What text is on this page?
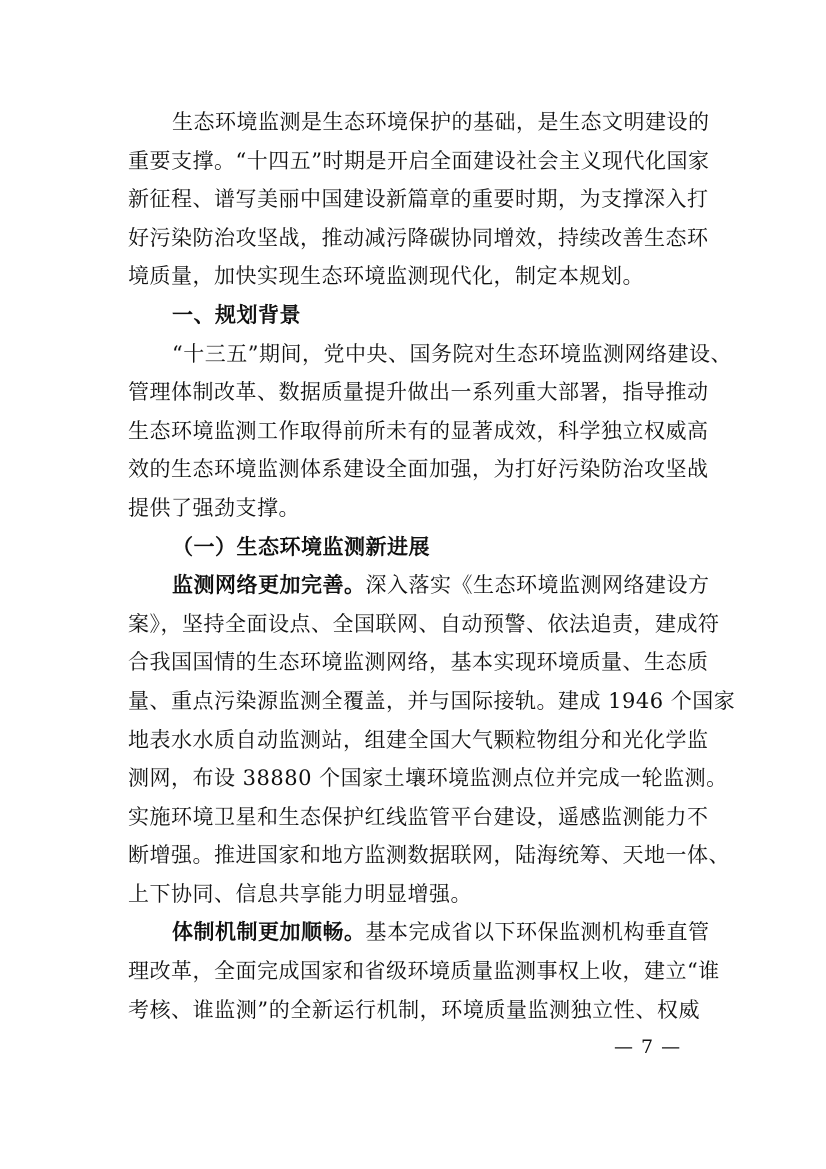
生态环境监测是生态环境保护的基础，是生态文明建设的
重要支撑。“十四五”时期是开启全面建设社会主义现代化国家
新征程、谱写美丽中国建设新篇章的重要时期，为支撑深入打
好污染防治攻坚战，推动减污降碳协同增效，持续改善生态环
境质量，加快实现生态环境监测现代化，制定本规划。
一、规划背景
“十三五”期间，党中央、国务院对生态环境监测网络建设、
管理体制改革、数据质量提升做出一系列重大部署，指导推动
生态环境监测工作取得前所未有的显著成效，科学独立权威高
效的生态环境监测体系建设全面加强，为打好污染防治攻坚战
提供了强劲支撑。
（一）生态环境监测新进展
监测网络更加完善。深入落实《生态环境监测网络建设方
案》，坚持全面设点、全国联网、自动预警、依法追责，建成符
合我国国情的生态环境监测网络，基本实现环境质量、生态质
量、重点污染源监测全覆盖，并与国际接轨。建成 1946 个国家
地表水水质自动监测站，组建全国大气颗粒物组分和光化学监
测网，布设 38880 个国家土壤环境监测点位并完成一轮监测。
实施环境卫星和生态保护红线监管平台建设，遥感监测能力不
断增强。推进国家和地方监测数据联网，陆海统筹、天地一体、
上下协同、信息共享能力明显增强。
体制机制更加顺畅。基本完成省以下环保监测机构垂直管
理改革，全面完成国家和省级环境质量监测事权上收，建立“谁
考核、谁监测”的全新运行机制，环境质量监测独立性、权威
— 7 —
